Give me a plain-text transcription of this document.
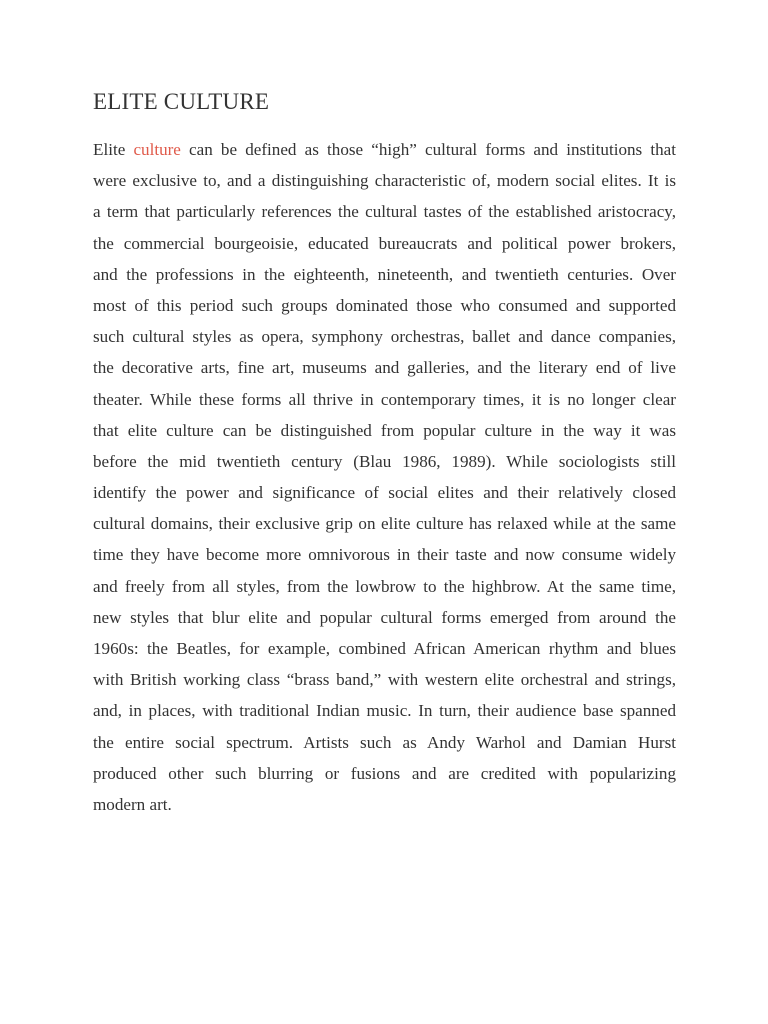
ELITE CULTURE

Elite culture can be defined as those “high” cultural forms and institutions that
were exclusive to, and a distinguishing characteristic of, modern social elites. It is
a term that particularly references the cultural tastes of the established aristocracy,
the commercial bourgeoisie, educated bureaucrats and political power brokers,
and the professions in the eighteenth, nineteenth, and twentieth centuries. Over
most of this period such groups dominated those who consumed and supported
such cultural styles as opera, symphony orchestras, ballet and dance companies,
the decorative arts, fine art, museums and galleries, and the literary end of live
theater. While these forms all thrive in contemporary times, it is no longer clear
that elite culture can be distinguished from popular culture in the way it was
before the mid twentieth century (Blau 1986, 1989). While sociologists still
identify the power and significance of social elites and their relatively closed
cultural domains, their exclusive grip on elite culture has relaxed while at the same
time they have become more omnivorous in their taste and now consume widely
and freely from all styles, from the lowbrow to the highbrow. At the same time,
new styles that blur elite and popular cultural forms emerged from around the
1960s: the Beatles, for example, combined African American rhythm and blues
with British working class “brass band,” with western elite orchestral and strings,
and, in places, with traditional Indian music. In turn, their audience base spanned
the entire social spectrum. Artists such as Andy Warhol and Damian Hurst
produced other such blurring or fusions and are credited with popularizing
modern art.
